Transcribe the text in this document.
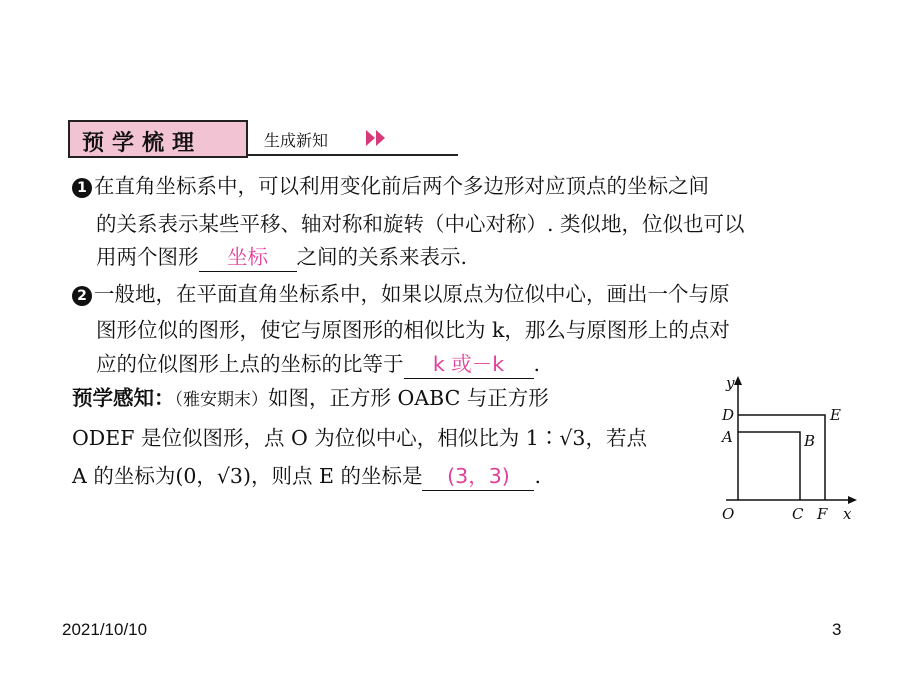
预学梳理	生成新知
1 在直角坐标系中，可以利用变化前后两个多边形对应顶点的坐标之间
的关系表示某些平移、轴对称和旋转（中心对称）. 类似地，位似也可以
用两个图形 坐标 之间的关系来表示.
2 一般地，在平面直角坐标系中，如果以原点为位似中心，画出一个与原
图形位似的图形，使它与原图形的相似比为 k，那么与原图形上的点对
应的位似图形上点的坐标的比等于 k 或－k .
预学感知：（雅安期末）如图，正方形 OABC 与正方形
ODEF 是位似图形，点 O 为位似中心，相似比为 1∶√3，若点
A 的坐标为(0，√3)，则点 E 的坐标是 (3，3) .
y
D
A
E
B
O	C F x
2021/10/10	3
